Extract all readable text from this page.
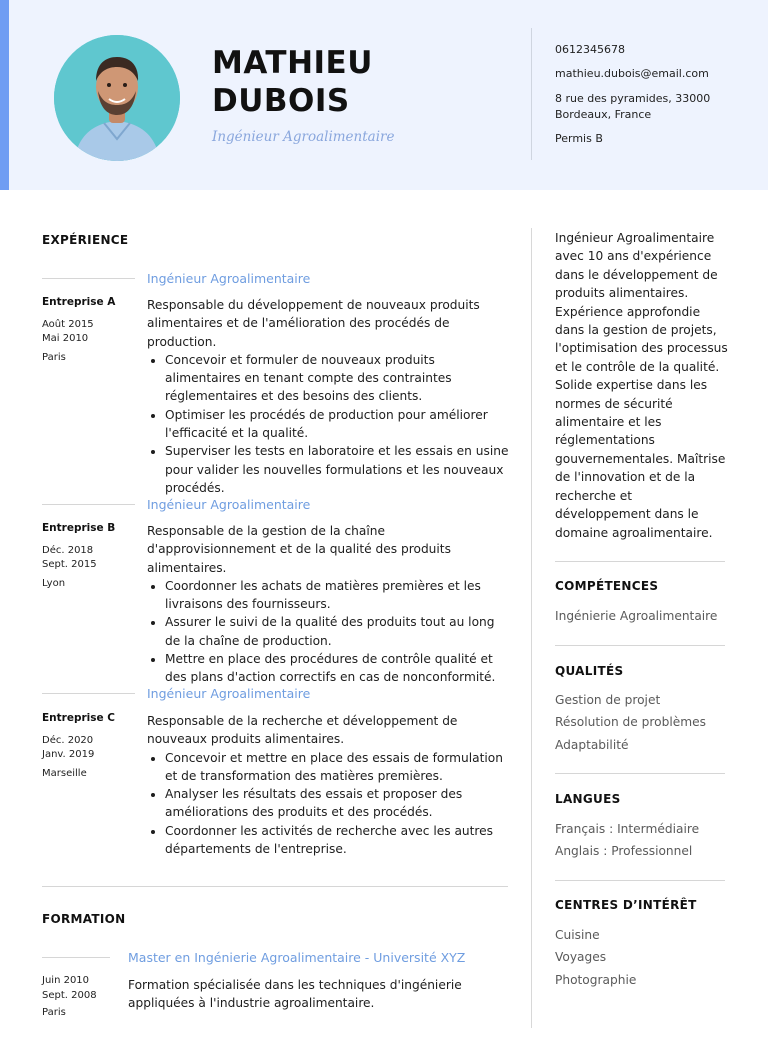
MATHIEU
DUBOIS
Ingénieur Agroalimentaire
0612345678
mathieu.dubois@email.com
8 rue des pyramides, 33000
Bordeaux, France
Permis B
EXPÉRIENCE
Ingénieur Agroalimentaire
Entreprise A
Août 2015
Mai 2010
Paris
Responsable du développement de nouveaux produits alimentaires et de l'amélioration des procédés de production.
• Concevoir et formuler de nouveaux produits alimentaires en tenant compte des contraintes réglementaires et des besoins des clients.
• Optimiser les procédés de production pour améliorer l'efficacité et la qualité.
• Superviser les tests en laboratoire et les essais en usine pour valider les nouvelles formulations et les nouveaux procédés.
Ingénieur Agroalimentaire
Entreprise B
Déc. 2018
Sept. 2015
Lyon
Responsable de la gestion de la chaîne d'approvisionnement et de la qualité des produits alimentaires.
• Coordonner les achats de matières premières et les livraisons des fournisseurs.
• Assurer le suivi de la qualité des produits tout au long de la chaîne de production.
• Mettre en place des procédures de contrôle qualité et des plans d'action correctifs en cas de nonconformité.
Ingénieur Agroalimentaire
Entreprise C
Déc. 2020
Janv. 2019
Marseille
Responsable de la recherche et développement de nouveaux produits alimentaires.
• Concevoir et mettre en place des essais de formulation et de transformation des matières premières.
• Analyser les résultats des essais et proposer des améliorations des produits et des procédés.
• Coordonner les activités de recherche avec les autres départements de l'entreprise.
FORMATION
Master en Ingénierie Agroalimentaire - Université XYZ
Juin 2010
Sept. 2008
Paris
Formation spécialisée dans les techniques d'ingénierie appliquées à l'industrie agroalimentaire.
Ingénieur Agroalimentaire avec 10 ans d'expérience dans le développement de produits alimentaires. Expérience approfondie dans la gestion de projets, l'optimisation des processus et le contrôle de la qualité. Solide expertise dans les normes de sécurité alimentaire et les réglementations gouvernementales. Maîtrise de l'innovation et de la recherche et développement dans le domaine agroalimentaire.
COMPÉTENCES
Ingénierie Agroalimentaire
QUALITÉS
Gestion de projet
Résolution de problèmes
Adaptabilité
LANGUES
Français : Intermédiaire
Anglais : Professionnel
CENTRES D’INTÉRÊT
Cuisine
Voyages
Photographie
